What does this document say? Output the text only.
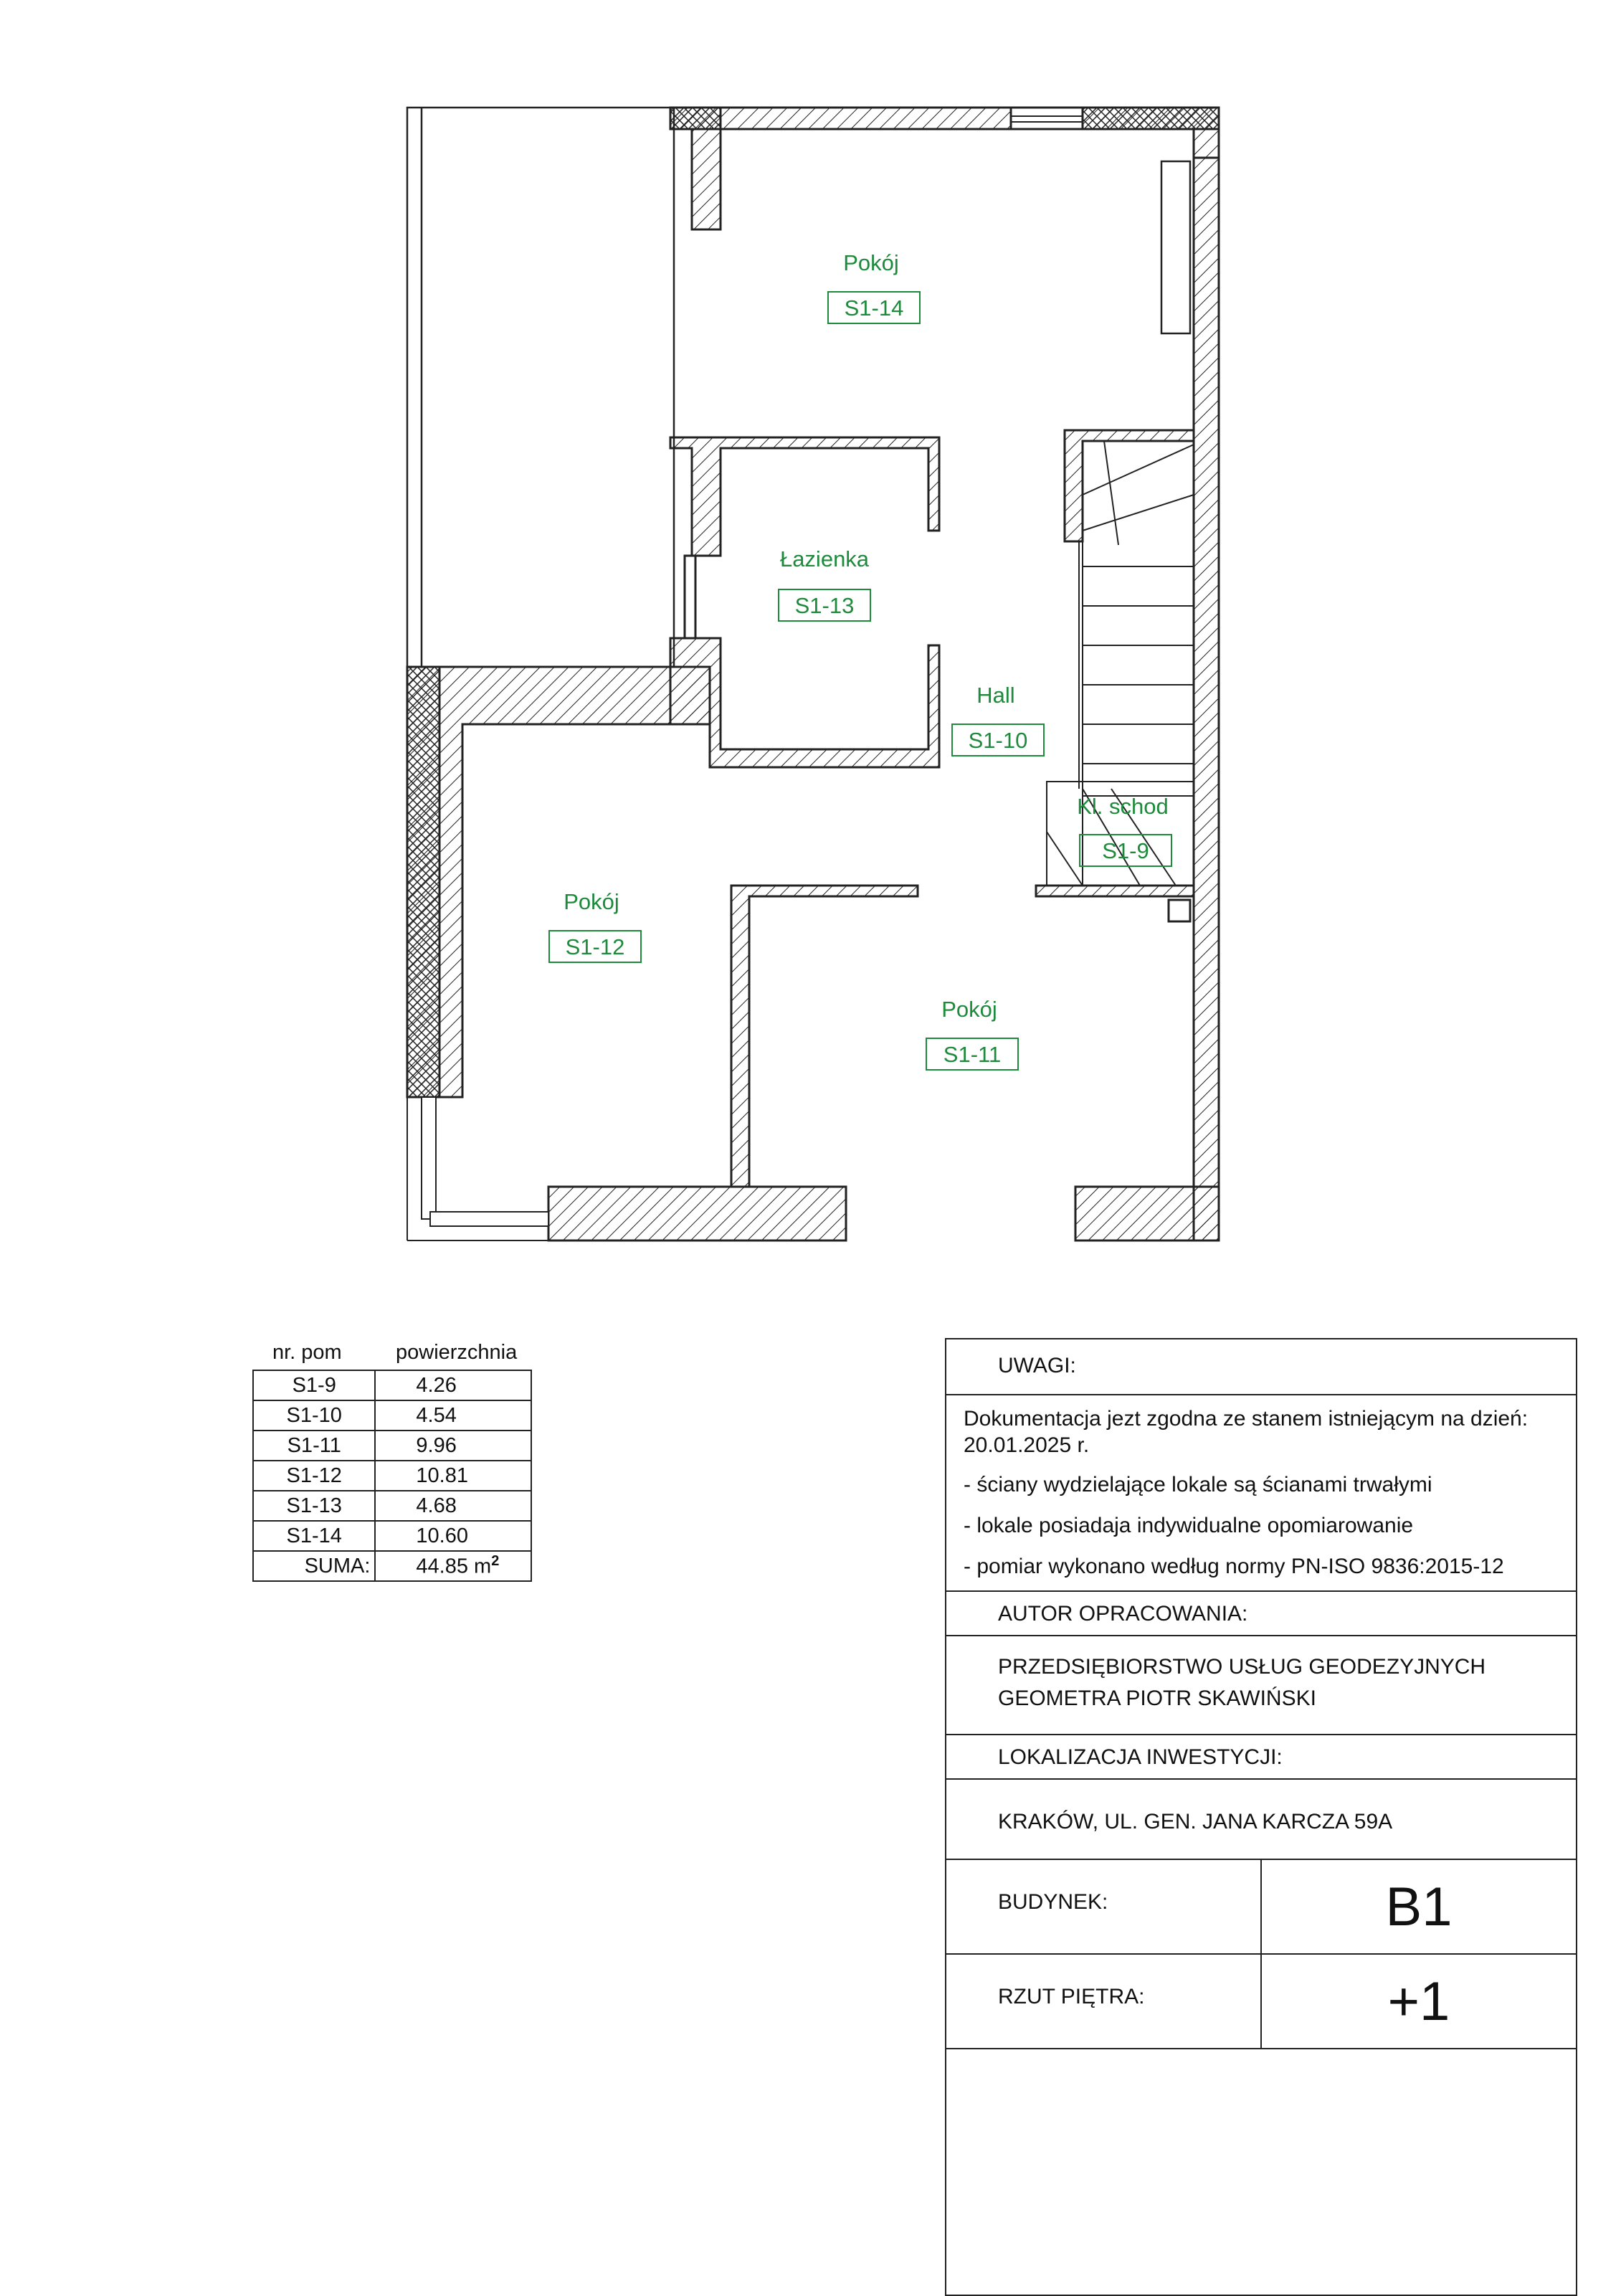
Pokój
S1-14
Łazienka
S1-13
Hall
S1-10
Kl. schod
S1-9
Pokój
S1-12
Pokój
S1-11
nr. pom	powierzchnia
S1-9	4.26
S1-10	4.54
S1-11	9.96
S1-12	10.81
S1-13	4.68
S1-14	10.60
SUMA:	44.85 $m^2$
UWAGI:

Dokumentacja jezt zgodna ze stanem istniejącym na dzień: 20.01.2025 r.

- ściany wydzielające lokale są ścianami trwałymi

- lokale posiadaja indywidualne opomiarowanie

- pomiar wykonano według normy PN-ISO 9836:2015-12

AUTOR OPRACOWANIA:
PRZEDSIĘBIORSTWO USŁUG GEODEZYJNYCH
GEOMETRA PIOTR SKAWIŃSKI
LOKALIZACJA INWESTYCJI:
KRAKÓW, UL. GEN. JANA KARCZA 59A
BUDYNEK:	B1
RZUT PIĘTRA:	+1
